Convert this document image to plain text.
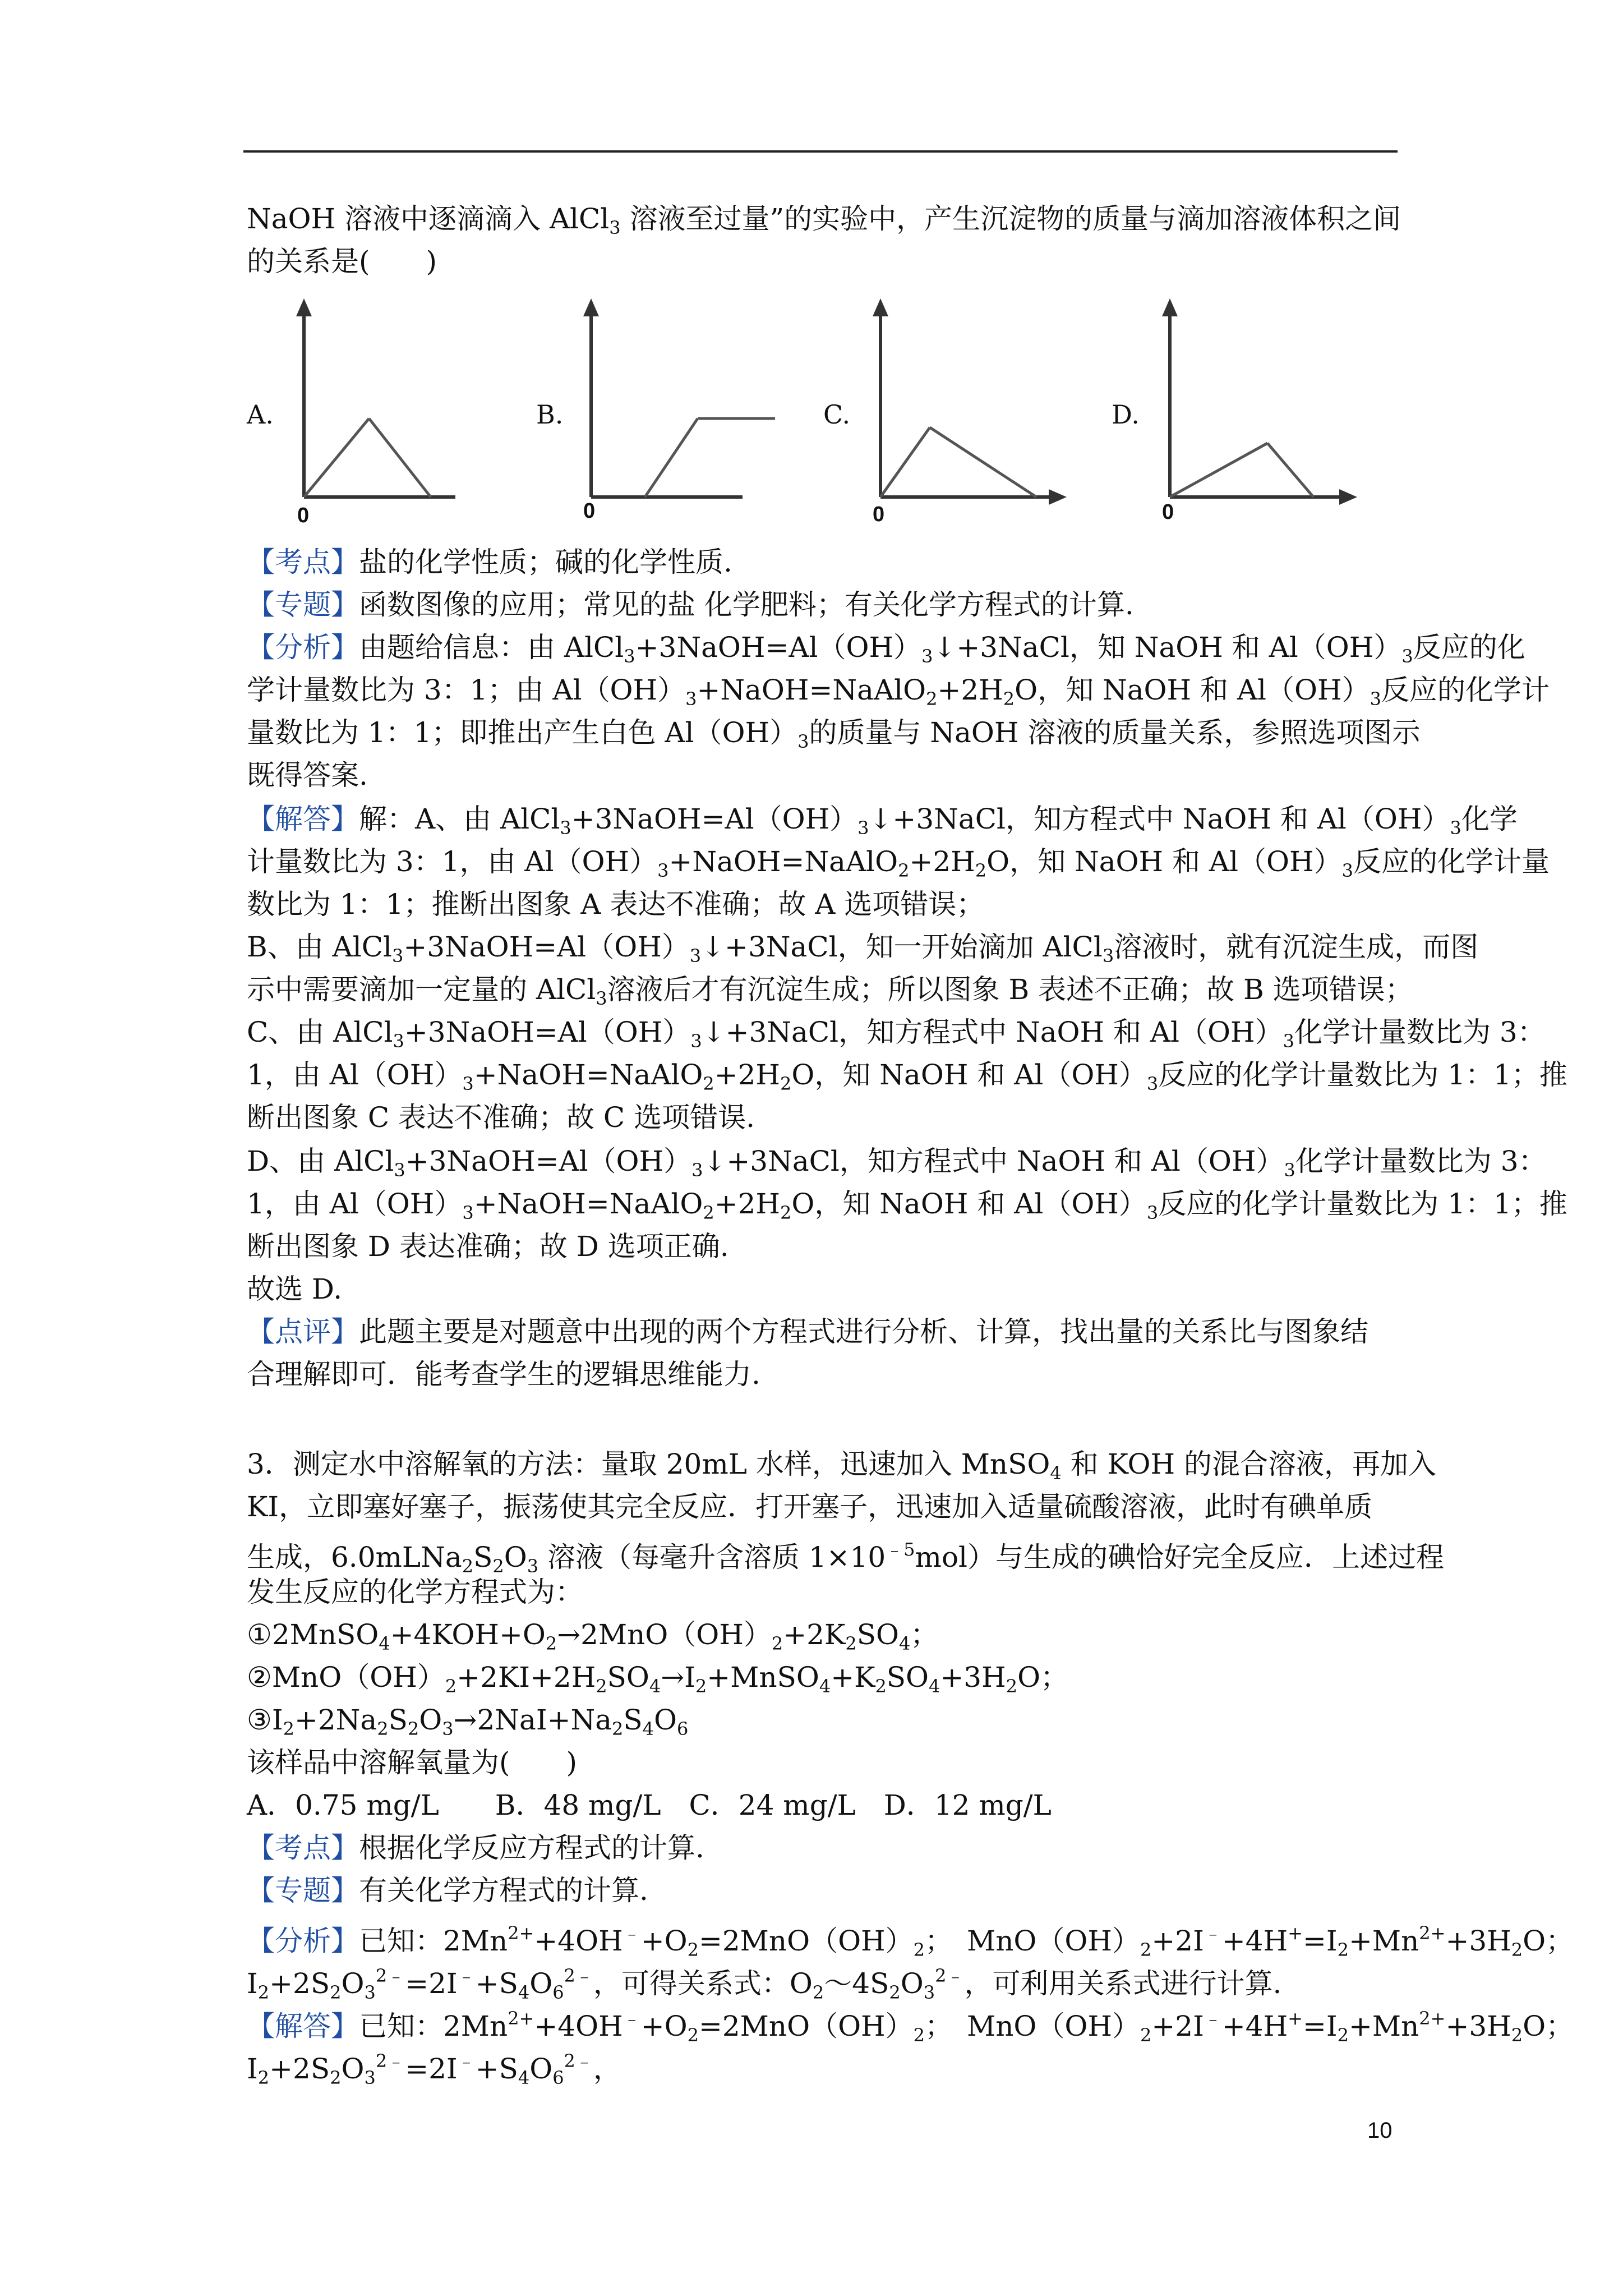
NaOH 溶液中逐滴滴入 AlCl$_3$ 溶液至过量”的实验中，产生沉淀物的质量与滴加溶液体积之间
的关系是(　　)
A.
0
B.
0
C.
0
D.
0
【考点】盐的化学性质；碱的化学性质.
【专题】函数图像的应用；常见的盐 化学肥料；有关化学方程式的计算.
【分析】由题给信息：由 $AlCl_3+3NaOH=Al(OH)_3↓+3NaCl$，知 NaOH 和 $Al(OH)_3$反应的化
学计量数比为 3：1；由 $Al(OH)_3+NaOH=NaAlO_2+2H_2O$，知 NaOH 和 $Al(OH)_3$反应的化学计
量数比为 1：1；即推出产生白色 $Al(OH)_3$的质量与 NaOH 溶液的质量关系，参照选项图示
既得答案.
【解答】解：A、由 $AlCl_3+3NaOH=Al(OH)_3↓+3NaCl$，知方程式中 NaOH 和 $Al(OH)_3$化学
计量数比为 3：1，由 $Al(OH)_3+NaOH=NaAlO_2+2H_2O$，知 NaOH 和 $Al(OH)_3$反应的化学计量
数比为 1：1；推断出图象 A 表达不准确；故 A 选项错误；
B、由 $AlCl_3+3NaOH=Al(OH)_3↓+3NaCl$，知一开始滴加 AlCl$_3$溶液时，就有沉淀生成，而图
示中需要滴加一定量的 AlCl$_3$溶液后才有沉淀生成；所以图象 B 表述不正确；故 B 选项错误；
C、由 $AlCl_3+3NaOH=Al(OH)_3↓+3NaCl$，知方程式中 NaOH 和 $Al(OH)_3$化学计量数比为 3：
1，由 $Al(OH)_3+NaOH=NaAlO_2+2H_2O$，知 NaOH 和 $Al(OH)_3$反应的化学计量数比为 1：1；推
断出图象 C 表达不准确；故 C 选项错误.
D、由 $AlCl_3+3NaOH=Al(OH)_3↓+3NaCl$，知方程式中 NaOH 和 $Al(OH)_3$化学计量数比为 3：
1，由 $Al(OH)_3+NaOH=NaAlO_2+2H_2O$，知 NaOH 和 $Al(OH)_3$反应的化学计量数比为 1：1；推
断出图象 D 表达准确；故 D 选项正确.
故选 D.
【点评】此题主要是对题意中出现的两个方程式进行分析、计算，找出量的关系比与图象结
合理解即可．能考查学生的逻辑思维能力.
3．测定水中溶解氧的方法：量取 20mL 水样，迅速加入 MnSO$_4$ 和 KOH 的混合溶液，再加入
KI，立即塞好塞子，振荡使其完全反应．打开塞子，迅速加入适量硫酸溶液，此时有碘单质
生成，$6.0mLNa_2S_2O_3$ 溶液（每毫升含溶质 $1\times 10^{﹣5}mol$）与生成的碘恰好完全反应．上述过程
发生反应的化学方程式为：
$①2MnSO_4+4KOH+O_2\to 2MnO(OH)_2+2K_2SO_4$；
$②MnO(OH)_2+2KI+2H_2SO_4\to I_2+MnSO_4+K_2SO_4+3H_2O$；
$③I_2+2Na_2S_2O_3\to 2NaI+Na_2S_4O_6$
该样品中溶解氧量为(　　)
A．0.75 mg/L　　B．48 mg/L　C．24 mg/L　D．12 mg/L
【考点】根据化学反应方程式的计算.
【专题】有关化学方程式的计算.
【分析】已知：$2Mn^{2+}+4OH^﹣+O_2=2MnO(OH)_2$；　$MnO(OH)_2+2I^﹣+4H^+=I_2+Mn^{2+}+3H_2O$；
$I_2+2S_2O_3^{2﹣}=2I^﹣+S_4O_6^{2﹣}$，可得关系式：$O_2\sim 4S_2O_3^{2﹣}$，可利用关系式进行计算.
【解答】已知：$2Mn^{2+}+4OH^﹣+O_2=2MnO(OH)_2$；　$MnO(OH)_2+2I^﹣+4H^+=I_2+Mn^{2+}+3H_2O$；
$I_2+2S_2O_3^{2﹣}=2I^﹣+S_4O_6^{2﹣}$，
10
